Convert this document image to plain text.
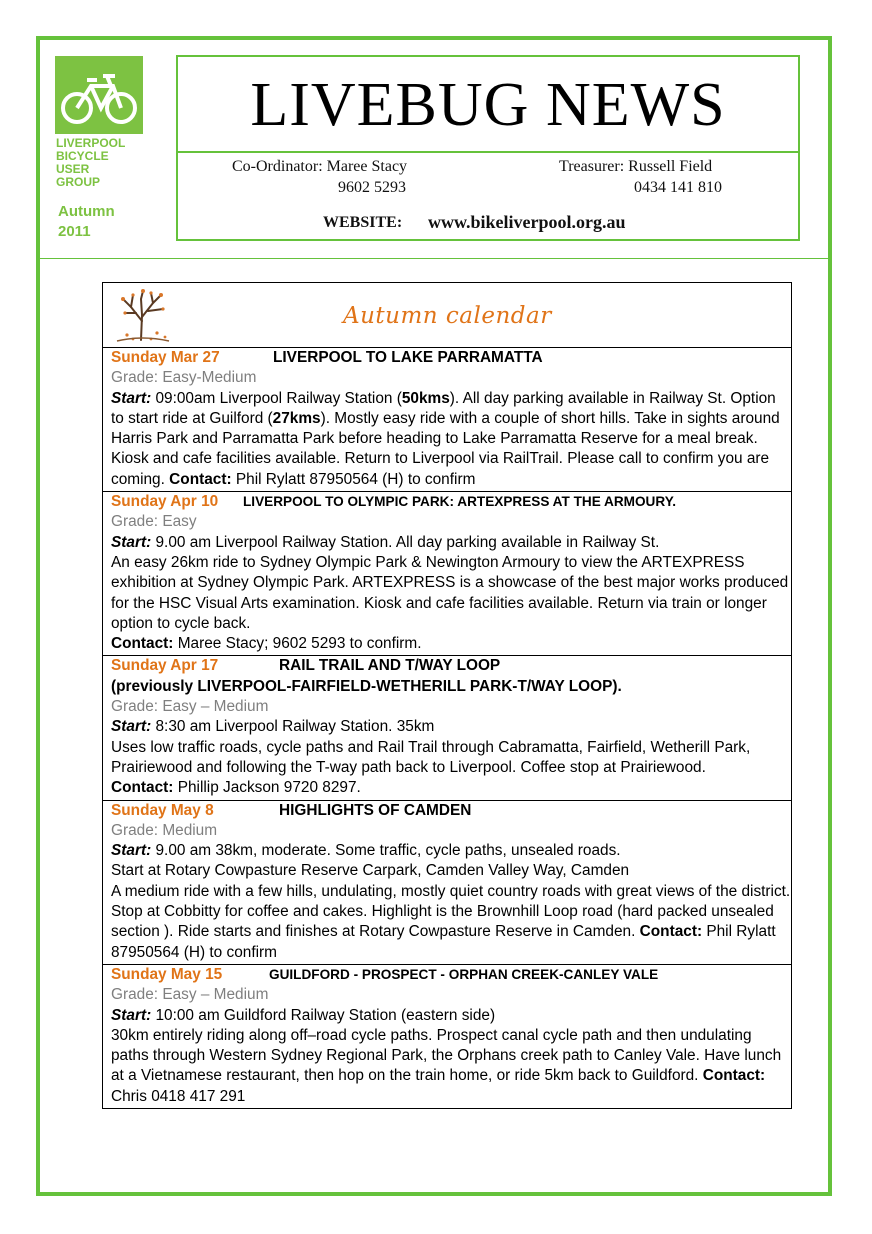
LIVERPOOL
BICYCLE
USER
GROUP
Autumn
2011
LIVEBUG NEWS
Co-Ordinator: Maree Stacy
9602 5293
Treasurer: Russell Field
0434 141 810
WEBSITE: www.bikeliverpool.org.au
Autumn calendar

Sunday Mar 27	LIVERPOOL TO LAKE PARRAMATTA

Grade: Easy-Medium

Start: 09:00am Liverpool Railway Station (50kms). All day parking available in Railway St. Option to start ride at Guilford (27kms). Mostly easy ride with a couple of short hills. Take in sights around Harris Park and Parramatta Park before heading to Lake Parramatta Reserve for a meal break. Kiosk and cafe facilities available. Return to Liverpool via RailTrail. Please call to confirm you are coming. Contact: Phil Rylatt 87950564 (H) to confirm

Sunday Apr 10 LIVERPOOL TO OLYMPIC PARK: ARTEXPRESS AT THE ARMOURY.

Grade: Easy

Start: 9.00 am Liverpool Railway Station. All day parking available in Railway St.

An easy 26km ride to Sydney Olympic Park & Newington Armoury to view the ARTEXPRESS exhibition at Sydney Olympic Park. ARTEXPRESS is a showcase of the best major works produced for the HSC Visual Arts examination. Kiosk and cafe facilities available. Return via train or longer option to cycle back.

Contact: Maree Stacy; 9602 5293 to confirm.

Sunday Apr 17	RAIL TRAIL AND T/WAY LOOP

(previously LIVERPOOL-FAIRFIELD-WETHERILL PARK-T/WAY LOOP).

Grade: Easy – Medium

Start: 8:30 am Liverpool Railway Station. 35km

Uses low traffic roads, cycle paths and Rail Trail through Cabramatta, Fairfield, Wetherill Park, Prairiewood and following the T-way path back to Liverpool. Coffee stop at Prairiewood.

Contact: Phillip Jackson 9720 8297.

Sunday May 8	HIGHLIGHTS OF CAMDEN

Grade: Medium

Start: 9.00 am 38km, moderate. Some traffic, cycle paths, unsealed roads.

Start at Rotary Cowpasture Reserve Carpark, Camden Valley Way, Camden

A medium ride with a few hills, undulating, mostly quiet country roads with great views of the district. Stop at Cobbitty for coffee and cakes. Highlight is the Brownhill Loop road (hard packed unsealed section ). Ride starts and finishes at Rotary Cowpasture Reserve in Camden. Contact: Phil Rylatt 87950564 (H) to confirm

Sunday May 15	GUILDFORD - PROSPECT - ORPHAN CREEK-CANLEY VALE

Grade: Easy – Medium

Start: 10:00 am Guildford Railway Station (eastern side)

30km entirely riding along off–road cycle paths. Prospect canal cycle path and then undulating paths through Western Sydney Regional Park, the Orphans creek path to Canley Vale. Have lunch at a Vietnamese restaurant, then hop on the train home, or ride 5km back to Guildford. Contact: Chris 0418 417 291
